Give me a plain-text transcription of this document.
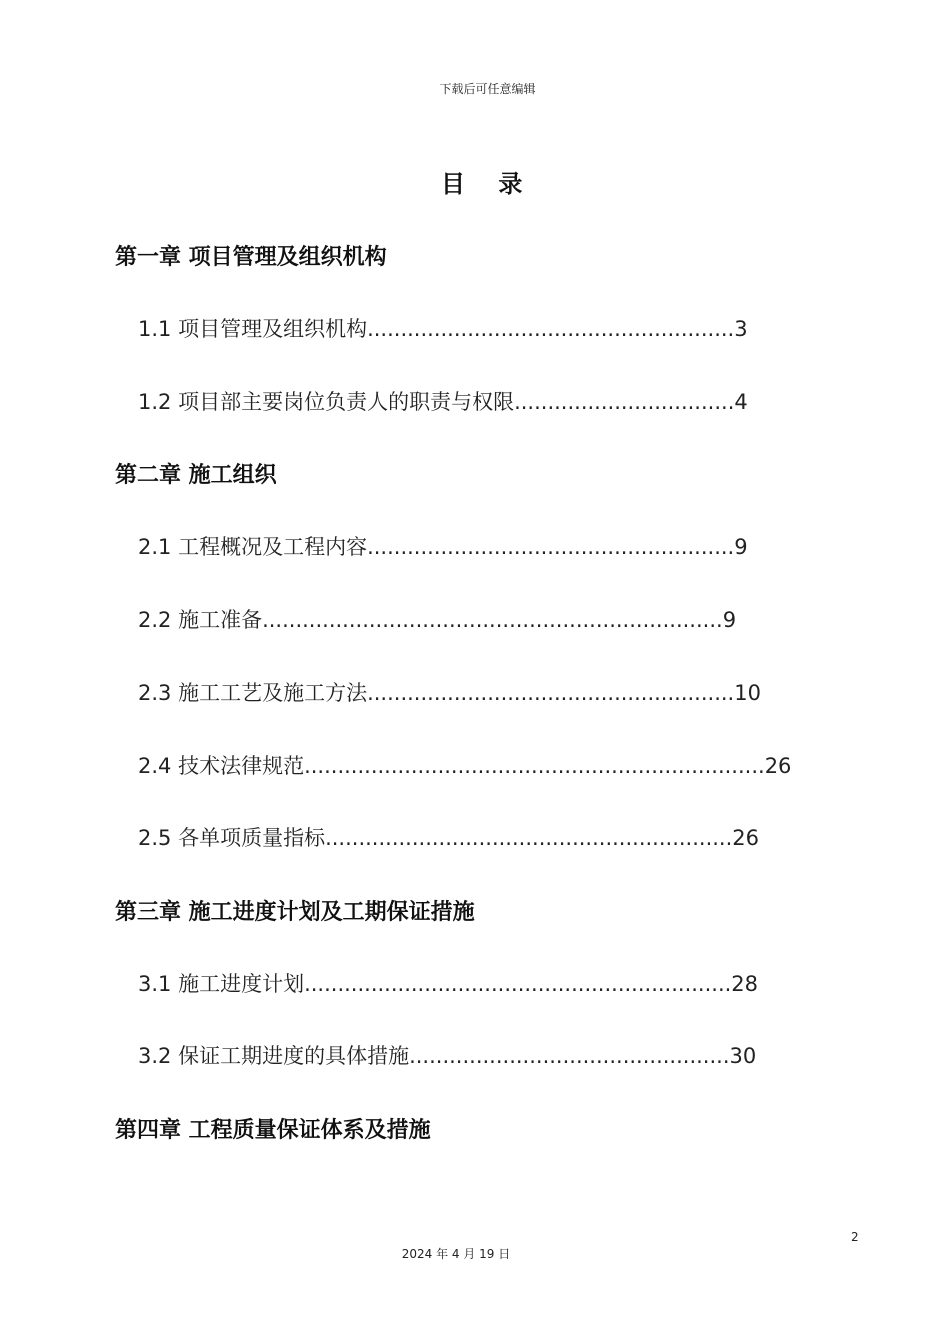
下载后可任意编辑
目    录
第一章 项目管理及组织机构
1.1 项目管理及组织机构.......................................................3
1.2 项目部主要岗位负责人的职责与权限.................................4
第二章 施工组织
2.1 工程概况及工程内容.......................................................9
2.2 施工准备.....................................................................9
2.3 施工工艺及施工方法.......................................................10
2.4 技术法律规范.....................................................................26
2.5 各单项质量指标.............................................................26
第三章 施工进度计划及工期保证措施
3.1 施工进度计划................................................................28
3.2 保证工期进度的具体措施................................................30
第四章 工程质量保证体系及措施
2
2024 年 4 月 19 日
